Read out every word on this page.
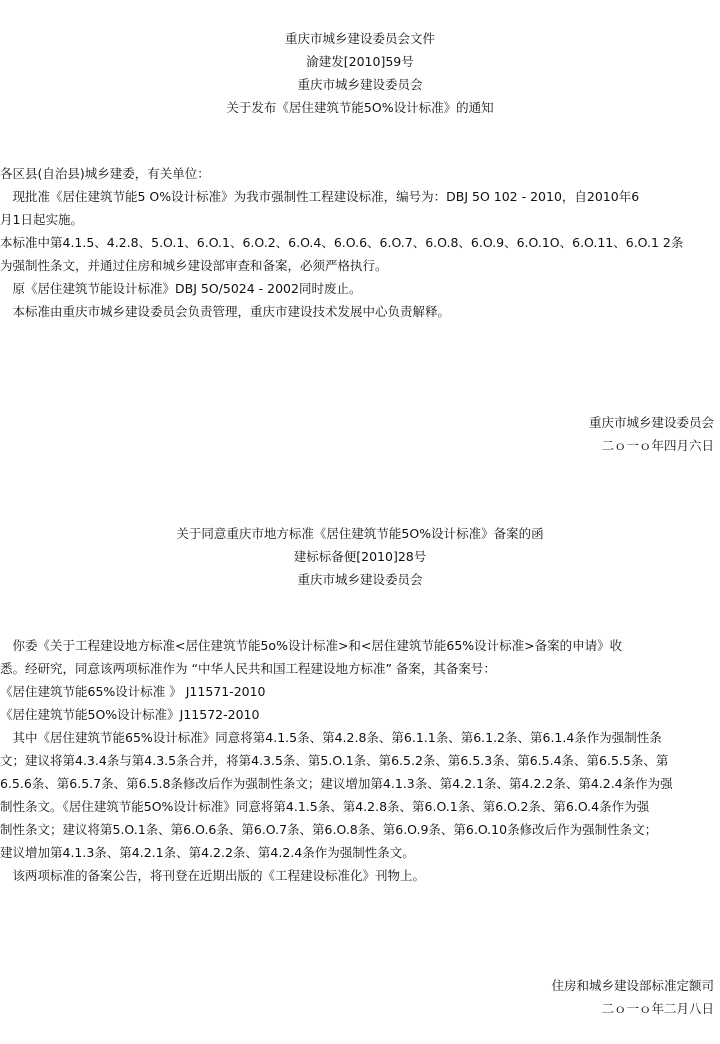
重庆市城乡建设委员会文件
渝建发[2010]59号
重庆市城乡建设委员会
关于发布《居住建筑节能5O%设计标准》的通知
各区县(自治县)城乡建委，有关单位：
　现批准《居住建筑节能5 O%设计标准》为我市强制性工程建设标准，编号为：DBJ 5O 102 - 2010，自2010年6
月1日起实施。
本标准中第4.1.5、4.2.8、5.O.1、6.O.1、6.O.2、6.O.4、6.O.6、6.O.7、6.O.8、6.O.9、6.O.1O、6.O.11、6.O.1 2条
为强制性条文，并通过住房和城乡建设部审查和备案，必须严格执行。
　原《居住建筑节能设计标准》DBJ 5O/5024 - 2002同时废止。
　本标准由重庆市城乡建设委员会负责管理，重庆市建设技术发展中心负责解释。
重庆市城乡建设委员会
二ｏ一ｏ年四月六日
关于同意重庆市地方标准《居住建筑节能5O%设计标准》备案的函
建标标备便[2010]28号
重庆市城乡建设委员会
　你委《关于工程建设地方标准<居住建筑节能5o%设计标准>和<居住建筑节能65%设计标准>备案的申请》收
悉。经研究，同意该两项标准作为 “中华人民共和国工程建设地方标准” 备案，其备案号：
《居住建筑节能65%设计标准 》 J11571-2010
《居住建筑节能5O%设计标准》J11572-2010
　其中《居住建筑节能65%设计标准》同意将第4.1.5条、第4.2.8条、第6.1.1条、第6.1.2条、第6.1.4条作为强制性条
文；建议将第4.3.4条与第4.3.5条合并，将第4.3.5条、第5.O.1条、第6.5.2条、第6.5.3条、第6.5.4条、第6.5.5条、第
6.5.6条、第6.5.7条、第6.5.8条修改后作为强制性条文；建议增加第4.1.3条、第4.2.1条、第4.2.2条、第4.2.4条作为强
制性条文。《居住建筑节能5O%设计标准》同意将第4.1.5条、第4.2.8条、第6.O.1条、第6.O.2条、第6.O.4条作为强
制性条文；建议将第5.O.1条、第6.O.6条、第6.O.7条、第6.O.8条、第6.O.9条、第6.O.10条修改后作为强制性条文；
建议增加第4.1.3条、第4.2.1条、第4.2.2条、第4.2.4条作为强制性条文。
　该两项标准的备案公告，将刊登在近期出版的《工程建设标准化》刊物上。
住房和城乡建设部标准定额司
二ｏ一ｏ年二月八日
